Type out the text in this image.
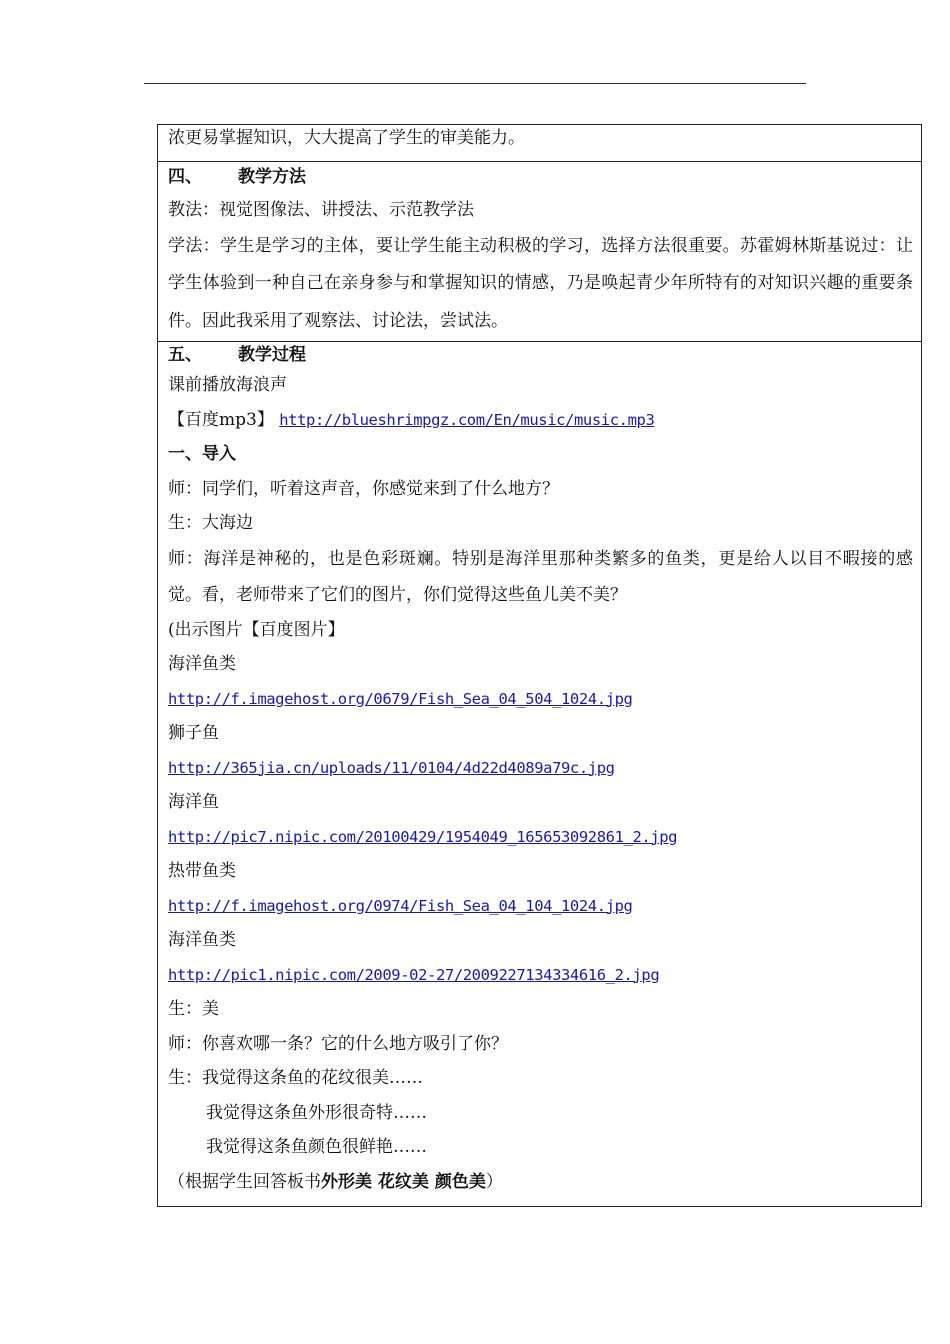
浓更易掌握知识，大大提高了学生的审美能力。

四、 教学方法

教法：视觉图像法、讲授法、示范教学法

学法：学生是学习的主体，要让学生能主动积极的学习，选择方法很重要。苏霍姆林斯基说过：让学生体验到一种自己在亲身参与和掌握知识的情感，乃是唤起青少年所特有的对知识兴趣的重要条件。因此我采用了观察法、讨论法，尝试法。

五、 教学过程

课前播放海浪声

【百度mp3】 http://blueshrimpgz.com/En/music/music.mp3

一、导入

师：同学们，听着这声音，你感觉来到了什么地方？

生：大海边

师：海洋是神秘的，也是色彩斑斓。特别是海洋里那种类繁多的鱼类，更是给人以目不暇接的感觉。看，老师带来了它们的图片，你们觉得这些鱼儿美不美？

(出示图片【百度图片】

海洋鱼类

http://f.imagehost.org/0679/Fish_Sea_04_504_1024.jpg

狮子鱼

http://365jia.cn/uploads/11/0104/4d22d4089a79c.jpg

海洋鱼

http://pic7.nipic.com/20100429/1954049_165653092861_2.jpg

热带鱼类

http://f.imagehost.org/0974/Fish_Sea_04_104_1024.jpg

海洋鱼类

http://pic1.nipic.com/2009-02-27/2009227134334616_2.jpg

生：美

师：你喜欢哪一条？它的什么地方吸引了你？

生：我觉得这条鱼的花纹很美……

我觉得这条鱼外形很奇特……

我觉得这条鱼颜色很鲜艳……

（根据学生回答板书外形美 花纹美 颜色美）
